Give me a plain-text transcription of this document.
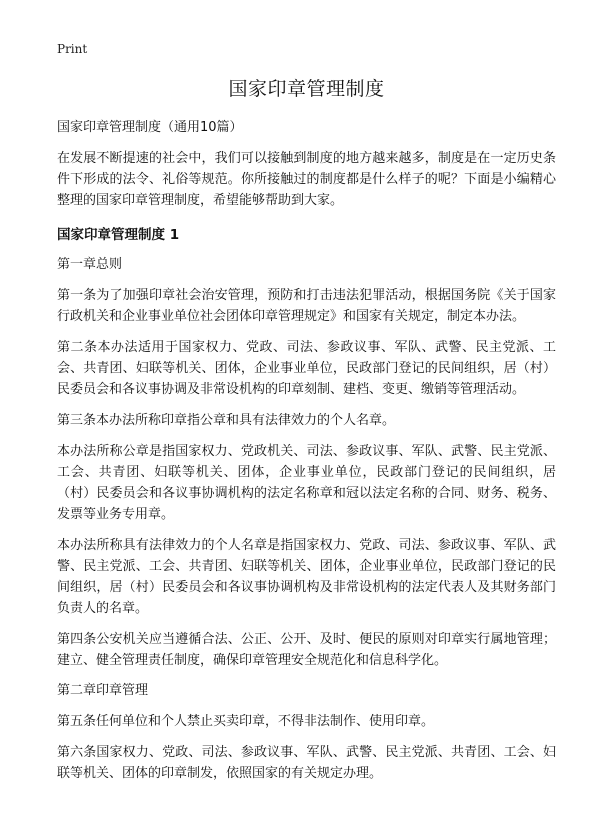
Print
国家印章管理制度

国家印章管理制度（通用10篇）

在发展不断提速的社会中，我们可以接触到制度的地方越来越多，制度是在一定历史条件下形成的法令、礼俗等规范。你所接触过的制度都是什么样子的呢？下面是小编精心整理的国家印章管理制度，希望能够帮助到大家。

国家印章管理制度 1

第一章总则

第一条为了加强印章社会治安管理，预防和打击违法犯罪活动，根据国务院《关于国家行政机关和企业事业单位社会团体印章管理规定》和国家有关规定，制定本办法。

第二条本办法适用于国家权力、党政、司法、参政议事、军队、武警、民主党派、工会、共青团、妇联等机关、团体，企业事业单位，民政部门登记的民间组织，居（村）民委员会和各议事协调及非常设机构的印章刻制、建档、变更、缴销等管理活动。

第三条本办法所称印章指公章和具有法律效力的个人名章。

本办法所称公章是指国家权力、党政机关、司法、参政议事、军队、武警、民主党派、工会、共青团、妇联等机关、团体，企业事业单位，民政部门登记的民间组织，居（村）民委员会和各议事协调机构的法定名称章和冠以法定名称的合同、财务、税务、发票等业务专用章。

本办法所称具有法律效力的个人名章是指国家权力、党政、司法、参政议事、军队、武警、民主党派、工会、共青团、妇联等机关、团体，企业事业单位，民政部门登记的民间组织，居（村）民委员会和各议事协调机构及非常设机构的法定代表人及其财务部门负责人的名章。

第四条公安机关应当遵循合法、公正、公开、及时、便民的原则对印章实行属地管理；建立、健全管理责任制度，确保印章管理安全规范化和信息科学化。

第二章印章管理

第五条任何单位和个人禁止买卖印章，不得非法制作、使用印章。

第六条国家权力、党政、司法、参政议事、军队、武警、民主党派、共青团、工会、妇联等机关、团体的印章制发，依照国家的有关规定办理。
